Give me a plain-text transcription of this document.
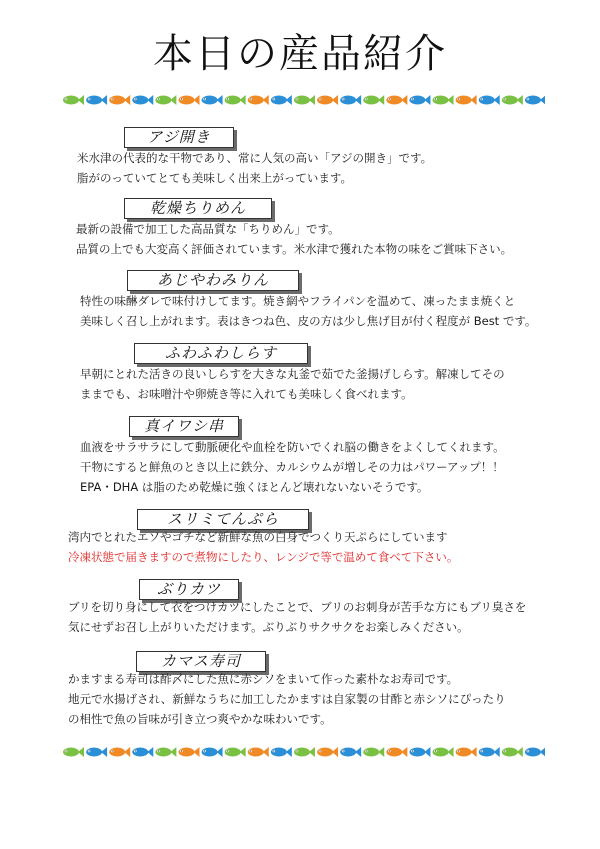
本日の産品紹介
アジ開き
米水津の代表的な干物であり、常に人気の高い「アジの開き」です。
脂がのっていてとても美味しく出来上がっています。
乾燥ちりめん
最新の設備で加工した高品質な「ちりめん」です。
品質の上でも大変高く評価されています。米水津で獲れた本物の味をご賞味下さい。
あじやわみりん
特性の味醂ダレで味付けしてます。焼き網やフライパンを温めて、凍ったまま焼くと
美味しく召し上がれます。表はきつね色、皮の方は少し焦げ目が付く程度が Best です。
ふわふわしらす
早朝にとれた活きの良いしらすを大きな丸釜で茹でた釜揚げしらす。解凍してその
ままでも、お味噌汁や卵焼き等に入れても美味しく食べれます。
真イワシ串
血液をサラサラにして動脈硬化や血栓を防いでくれ脳の働きをよくしてくれます。
干物にすると鮮魚のとき以上に鉄分、カルシウムが増しその力はパワーアップ！！
EPA・DHA は脂のため乾燥に強くほとんど壊れないないそうです。
スリミてんぷら
湾内でとれたエソやゴチなど新鮮な魚の白身でつくり天ぷらにしています
冷凍状態で届きますので煮物にしたり、レンジで等で温めて食べて下さい。
ぶりカツ
ブリを切り身にして衣をつけカツにしたことで、ブリのお刺身が苦手な方にもブリ臭さを
気にせずお召し上がりいただけます。ぶりぶりサクサクをお楽しみください。
カマス寿司
かますまる寿司は酢〆にした魚に赤シソをまいて作った素朴なお寿司です。
地元で水揚げされ、新鮮なうちに加工したかますは自家製の甘酢と赤シソにぴったり
の相性で魚の旨味が引き立つ爽やかな味わいです。
